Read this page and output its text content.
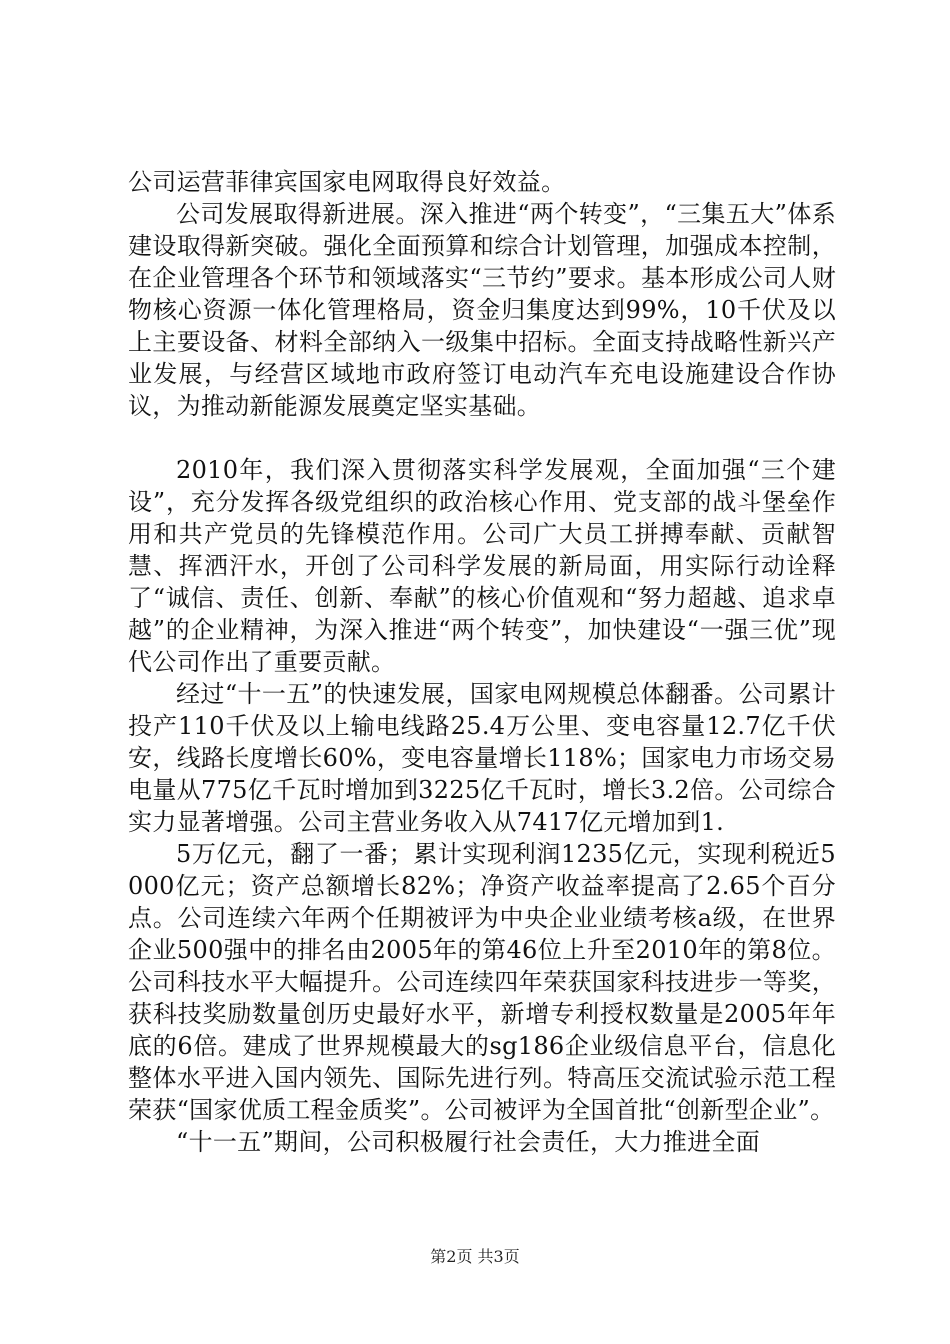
公司运营菲律宾国家电网取得良好效益。

公司发展取得新进展。深入推进“两个转变”，“三集五大”体系建设取得新突破。强化全面预算和综合计划管理，加强成本控制，在企业管理各个环节和领域落实“三节约”要求。基本形成公司人财物核心资源一体化管理格局，资金归集度达到99%，10千伏及以上主要设备、材料全部纳入一级集中招标。全面支持战略性新兴产业发展，与经营区域地市政府签订电动汽车充电设施建设合作协议，为推动新能源发展奠定坚实基础。

2010年，我们深入贯彻落实科学发展观，全面加强“三个建设”，充分发挥各级党组织的政治核心作用、党支部的战斗堡垒作用和共产党员的先锋模范作用。公司广大员工拼搏奉献、贡献智慧、挥洒汗水，开创了公司科学发展的新局面，用实际行动诠释了“诚信、责任、创新、奉献”的核心价值观和“努力超越、追求卓越”的企业精神，为深入推进“两个转变”，加快建设“一强三优”现代公司作出了重要贡献。

经过“十一五”的快速发展，国家电网规模总体翻番。公司累计投产110千伏及以上输电线路25.4万公里、变电容量12.7亿千伏安，线路长度增长60%，变电容量增长118%；国家电力市场交易电量从775亿千瓦时增加到3225亿千瓦时，增长3.2倍。公司综合实力显著增强。公司主营业务收入从7417亿元增加到1.

5万亿元，翻了一番；累计实现利润1235亿元，实现利税近5000亿元；资产总额增长82%；净资产收益率提高了2.65个百分点。公司连续六年两个任期被评为中央企业业绩考核a级，在世界企业500强中的排名由2005年的第46位上升至2010年的第8位。公司科技水平大幅提升。公司连续四年荣获国家科技进步一等奖，获科技奖励数量创历史最好水平，新增专利授权数量是2005年年底的6倍。建成了世界规模最大的sg186企业级信息平台，信息化整体水平进入国内领先、国际先进行列。特高压交流试验示范工程荣获“国家优质工程金质奖”。公司被评为全国首批“创新型企业”。

“十一五”期间，公司积极履行社会责任，大力推进全面

第2页 共3页
